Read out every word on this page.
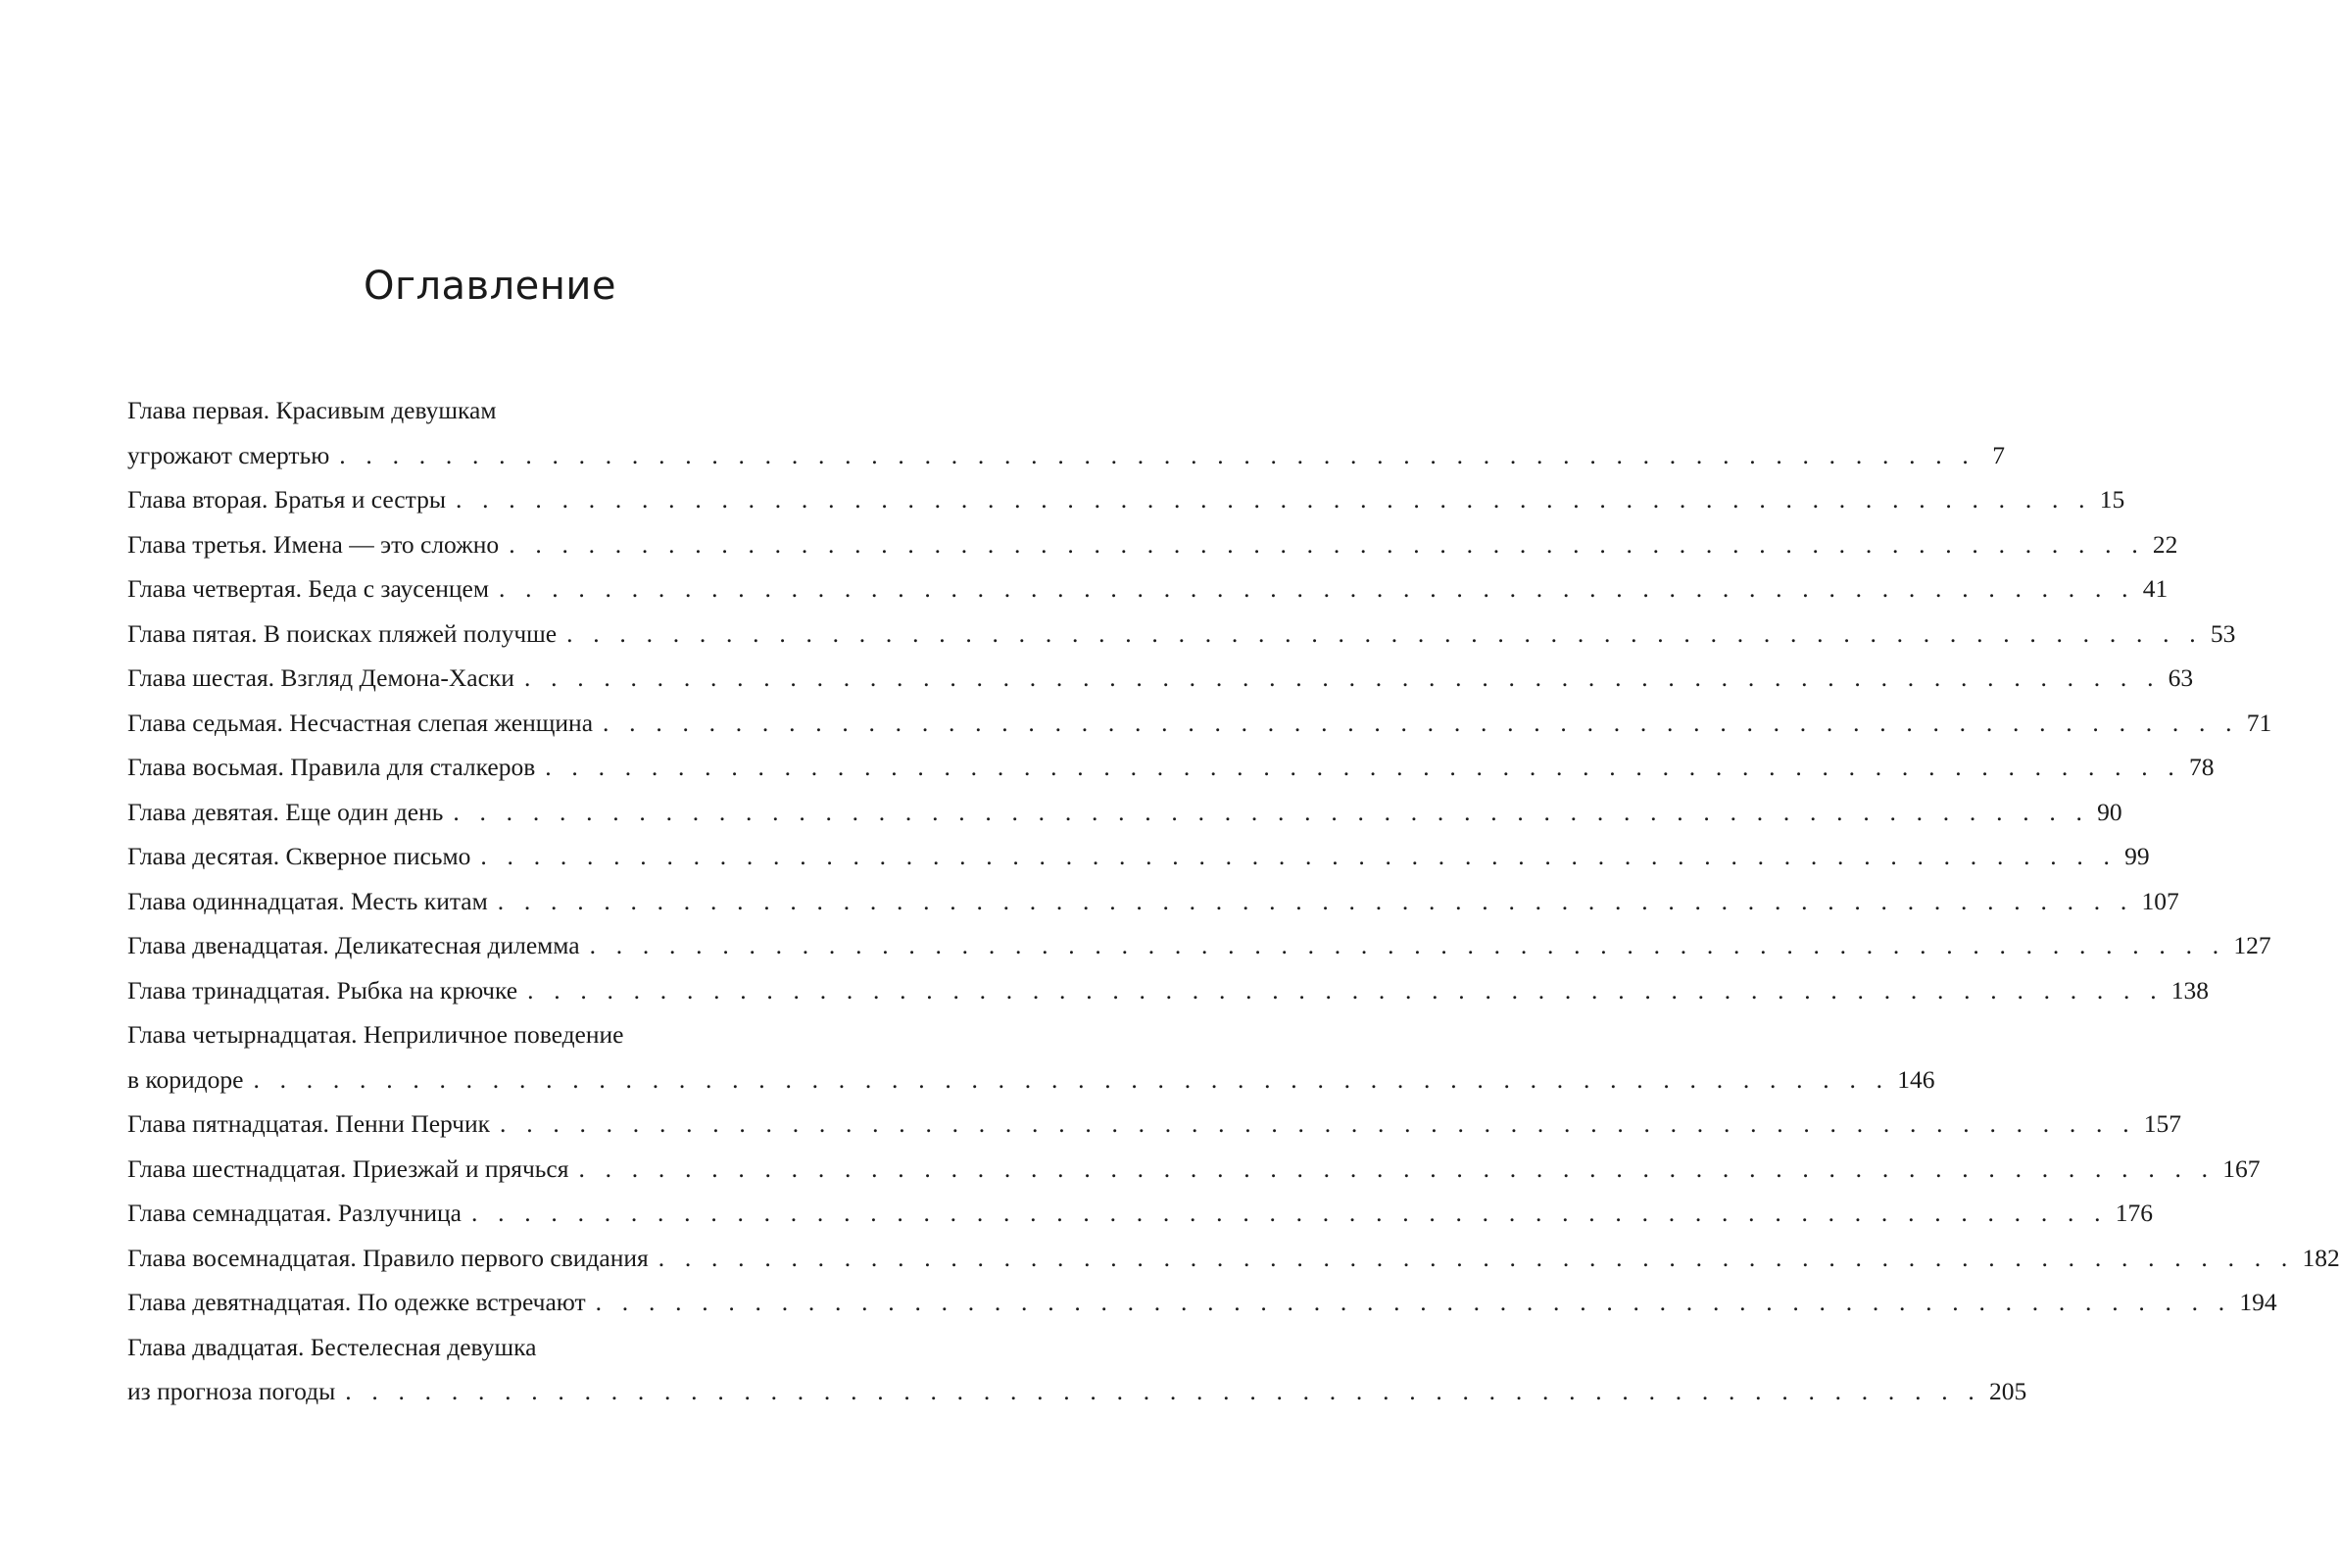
Оглавление
Глава первая. Красивым девушкам
угрожают смертью . . . . . . . . . . . . . . . . . . . . . . . . . . . . . . . . . . . . . . . . . . . . . . . . . . . . . . . . . . . . . . 7
Глава вторая. Братья и сестры . . . . . . . . . . . . . . . . . . . . . . . . . . . . . . . . . . . . . . . . . . . . . . . . . . . . . . . . . . . . . . 15
Глава третья. Имена — это сложно . . . . . . . . . . . . . . . . . . . . . . . . . . . . . . . . . . . . . . . . . . . . . . . . . . . . . . . . . . . . . . 22
Глава четвертая. Беда с заусенцем . . . . . . . . . . . . . . . . . . . . . . . . . . . . . . . . . . . . . . . . . . . . . . . . . . . . . . . . . . . . . . 41
Глава пятая. В поисках пляжей получше . . . . . . . . . . . . . . . . . . . . . . . . . . . . . . . . . . . . . . . . . . . . . . . . . . . . . . . . . . . . . . 53
Глава шестая. Взгляд Демона-Хаски . . . . . . . . . . . . . . . . . . . . . . . . . . . . . . . . . . . . . . . . . . . . . . . . . . . . . . . . . . . . . . 63
Глава седьмая. Несчастная слепая женщина . . . . . . . . . . . . . . . . . . . . . . . . . . . . . . . . . . . . . . . . . . . . . . . . . . . . . . . . . . . . . . 71
Глава восьмая. Правила для сталкеров . . . . . . . . . . . . . . . . . . . . . . . . . . . . . . . . . . . . . . . . . . . . . . . . . . . . . . . . . . . . . . 78
Глава девятая. Еще один день . . . . . . . . . . . . . . . . . . . . . . . . . . . . . . . . . . . . . . . . . . . . . . . . . . . . . . . . . . . . . . 90
Глава десятая. Скверное письмо . . . . . . . . . . . . . . . . . . . . . . . . . . . . . . . . . . . . . . . . . . . . . . . . . . . . . . . . . . . . . . 99
Глава одиннадцатая. Месть китам . . . . . . . . . . . . . . . . . . . . . . . . . . . . . . . . . . . . . . . . . . . . . . . . . . . . . . . . . . . . . . 107
Глава двенадцатая. Деликатесная дилемма . . . . . . . . . . . . . . . . . . . . . . . . . . . . . . . . . . . . . . . . . . . . . . . . . . . . . . . . . . . . . . 127
Глава тринадцатая. Рыбка на крючке . . . . . . . . . . . . . . . . . . . . . . . . . . . . . . . . . . . . . . . . . . . . . . . . . . . . . . . . . . . . . . 138
Глава четырнадцатая. Неприличное поведение
в коридоре . . . . . . . . . . . . . . . . . . . . . . . . . . . . . . . . . . . . . . . . . . . . . . . . . . . . . . . . . . . . . . 146
Глава пятнадцатая. Пенни Перчик . . . . . . . . . . . . . . . . . . . . . . . . . . . . . . . . . . . . . . . . . . . . . . . . . . . . . . . . . . . . . . 157
Глава шестнадцатая. Приезжай и прячься . . . . . . . . . . . . . . . . . . . . . . . . . . . . . . . . . . . . . . . . . . . . . . . . . . . . . . . . . . . . . . 167
Глава семнадцатая. Разлучница . . . . . . . . . . . . . . . . . . . . . . . . . . . . . . . . . . . . . . . . . . . . . . . . . . . . . . . . . . . . . . 176
Глава восемнадцатая. Правило первого свидания . . . . . . . . . . . . . . . . . . . . . . . . . . . . . . . . . . . . . . . . . . . . . . . . . . . . . . . . . . . . . . 182
Глава девятнадцатая. По одежке встречают . . . . . . . . . . . . . . . . . . . . . . . . . . . . . . . . . . . . . . . . . . . . . . . . . . . . . . . . . . . . . . 194
Глава двадцатая. Бестелесная девушка
из прогноза погоды . . . . . . . . . . . . . . . . . . . . . . . . . . . . . . . . . . . . . . . . . . . . . . . . . . . . . . . . . . . . . . 205
